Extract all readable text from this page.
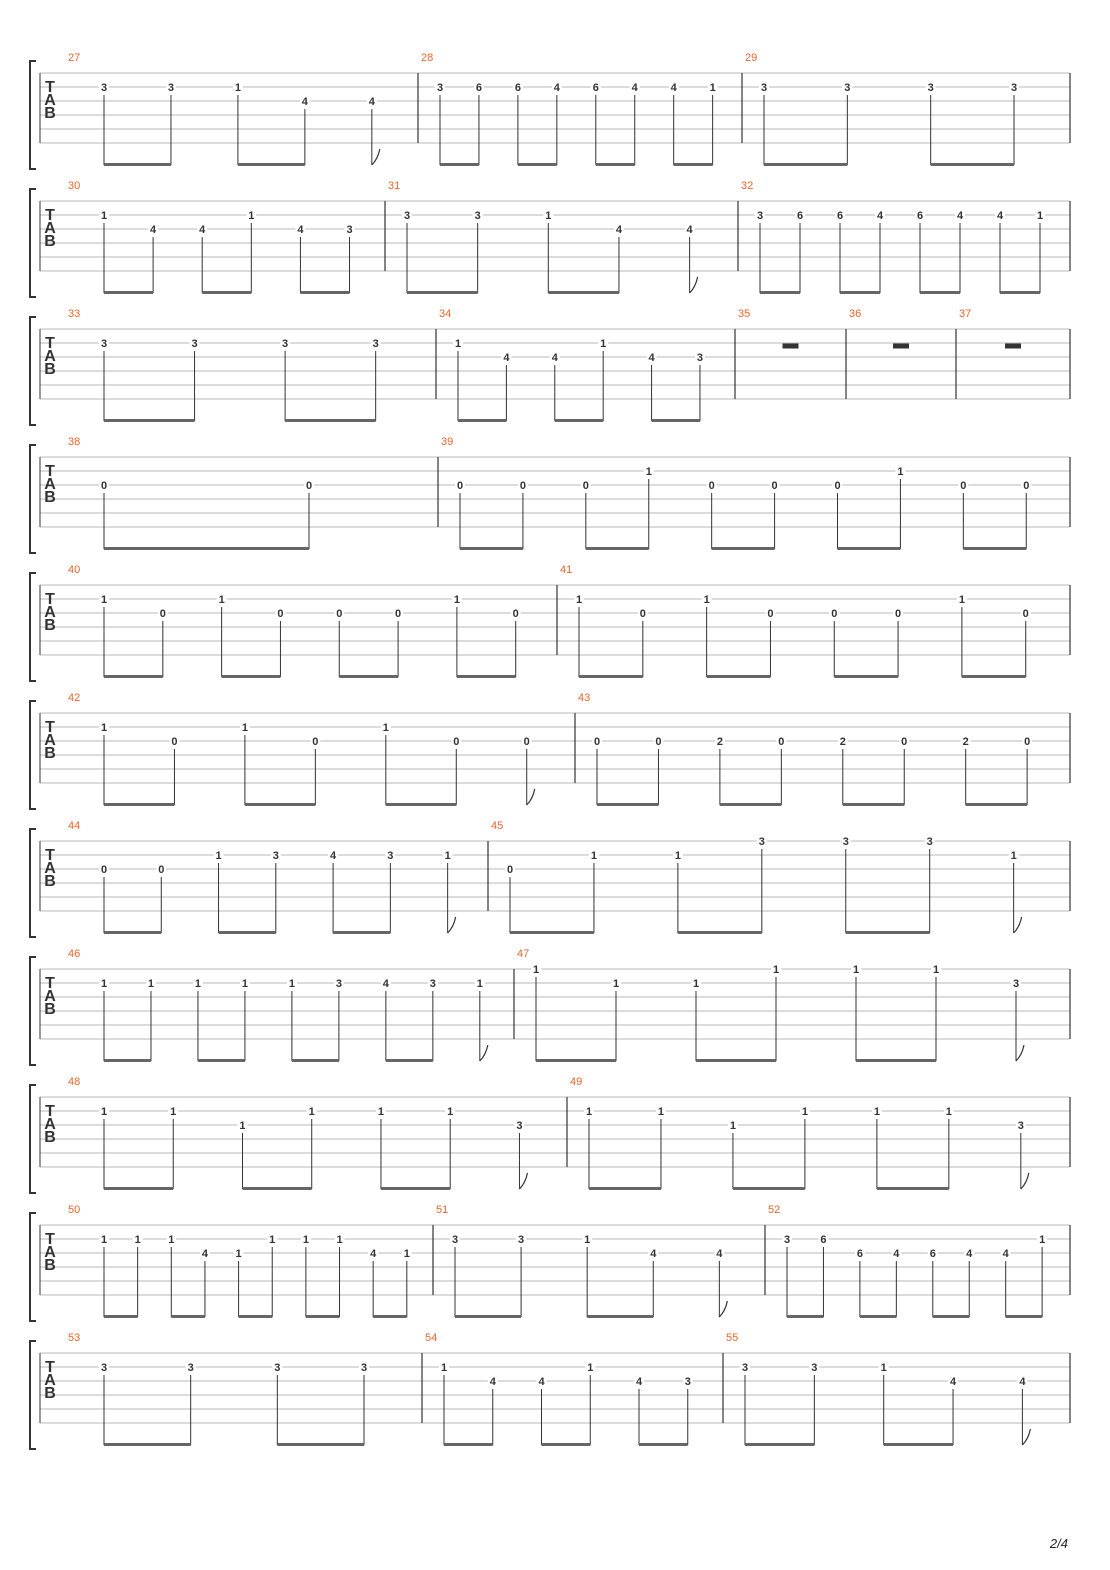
T
A
B
27
3	3	1
4	4
28
3	6	6	4	6	4	4	1
29
3	3	3	3
T
A
B
30
1
4	4
1
4	3
31
3	3	1
4	4
32
3	6	6	4	6	4	4	1
T
A
B
33
3	3	3	3
34
1
4	4
1
4	3
35	36	37
T
A
B
38
0	0
39
0	0	0
1
0	0	0
1
0	0
T
A
B
40
1
0
1
0	0	0
1
0
41
1
0
1
0	0	0
1
0
T
A
B
42
1
0
1
0
1
0	0
43
0	0	2	0	2	0	2	0
T
A
B
44
0	0
1	3	4	3	1
45
0
1	1
3	3	3
1
T
A
B
46
1	1	1	1	1	3	4	3	1
47
1
1	1
1	1	1
3
T
A
B
48
1	1
1
1	1	1
3
49
1	1
1
1	1	1
3
T
A
B
50
1	1	1
4	1
1	1	1
4	1
51
3	3	1
4	4
52
3	6
6	4	6	4	4
1
T
A
B
53
3	3	3	3
54
1
4	4
1
4	3
55
3	3	1
4	4
2/4
